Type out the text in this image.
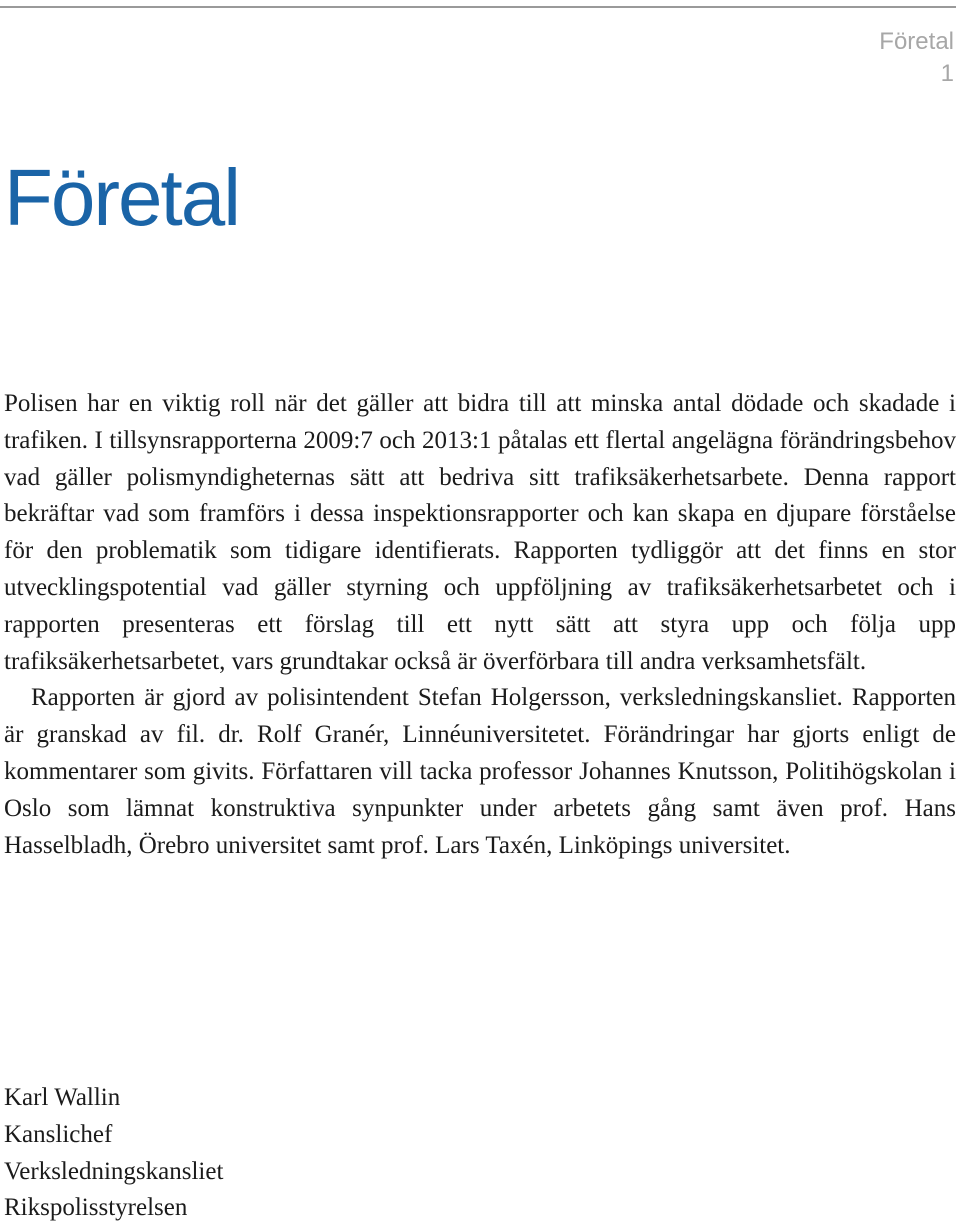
Företal
1
Företal

Polisen har en viktig roll när det gäller att bidra till att minska antal dödade och skadade i trafiken. I tillsynsrapporterna 2009:7 och 2013:1 påtalas ett flertal angelägna förändringsbehov vad gäller polismyndigheternas sätt att bedriva sitt trafiksäkerhetsarbete. Denna rapport bekräftar vad som framförs i dessa inspektionsrapporter och kan skapa en djupare förståelse för den problematik som tidigare identifierats. Rapporten tydliggör att det finns en stor utvecklingspotential vad gäller styrning och uppföljning av trafiksäkerhetsarbetet och i rapporten presenteras ett förslag till ett nytt sätt att styra upp och följa upp trafiksäkerhetsarbetet, vars grundtakar också är överförbara till andra verksamhetsfält.

Rapporten är gjord av polisintendent Stefan Holgersson, verksledningskansliet. Rapporten är granskad av fil. dr. Rolf Granér, Linnéuniversitetet. Förändringar har gjorts enligt de kommentarer som givits. Författaren vill tacka professor Johannes Knutsson, Politihögskolan i Oslo som lämnat konstruktiva synpunkter under arbetets gång samt även prof. Hans Hasselbladh, Örebro universitet samt prof. Lars Taxén, Linköpings universitet.

Karl Wallin
Kanslichef
Verksledningskansliet
Rikspolisstyrelsen
